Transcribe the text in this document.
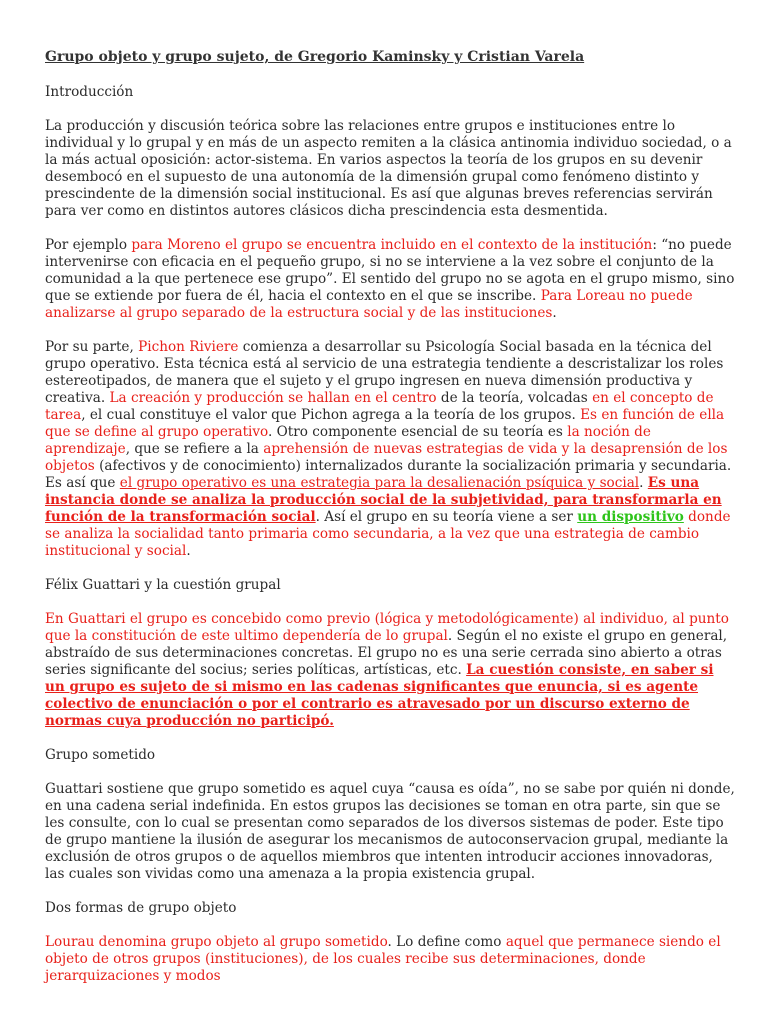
Grupo objeto y grupo sujeto, de Gregorio Kaminsky y Cristian Varela

Introducción

La producción y discusión teórica sobre las relaciones entre grupos e instituciones entre lo individual y lo grupal y en más de un aspecto remiten a la clásica antinomia individuo sociedad, o a la más actual oposición: actor-sistema. En varios aspectos la teoría de los grupos en su devenir desembocó en el supuesto de una autonomía de la dimensión grupal como fenómeno distinto y prescindente de la dimensión social institucional. Es así que algunas breves referencias servirán para ver como en distintos autores clásicos dicha prescindencia esta desmentida.

Por ejemplo para Moreno el grupo se encuentra incluido en el contexto de la institución: “no puede intervenirse con eficacia en el pequeño grupo, si no se interviene a la vez sobre el conjunto de la comunidad a la que pertenece ese grupo”. El sentido del grupo no se agota en el grupo mismo, sino que se extiende por fuera de él, hacia el contexto en el que se inscribe. Para Loreau no puede analizarse al grupo separado de la estructura social y de las instituciones.

Por su parte, Pichon Riviere comienza a desarrollar su Psicología Social basada en la técnica del grupo operativo. Esta técnica está al servicio de una estrategia tendiente a descristalizar los roles estereotipados, de manera que el sujeto y el grupo ingresen en nueva dimensión productiva y creativa. La creación y producción se hallan en el centro de la teoría, volcadas en el concepto de tarea, el cual constituye el valor que Pichon agrega a la teoría de los grupos. Es en función de ella que se define al grupo operativo. Otro componente esencial de su teoría es la noción de aprendizaje, que se refiere a la aprehensión de nuevas estrategias de vida y la desaprensión de los objetos (afectivos y de conocimiento) internalizados durante la socialización primaria y secundaria. Es así que el grupo operativo es una estrategia para la desalienación psíquica y social. Es una instancia donde se analiza la producción social de la subjetividad, para transformarla en función de la transformación social. Así el grupo en su teoría viene a ser un dispositivo donde se analiza la socialidad tanto primaria como secundaria, a la vez que una estrategia de cambio institucional y social.

Félix Guattari y la cuestión grupal

En Guattari el grupo es concebido como previo (lógica y metodológicamente) al individuo, al punto que la constitución de este ultimo dependería de lo grupal. Según el no existe el grupo en general, abstraído de sus determinaciones concretas. El grupo no es una serie cerrada sino abierto a otras series significante del socius; series políticas, artísticas, etc. La cuestión consiste, en saber si un grupo es sujeto de si mismo en las cadenas significantes que enuncia, si es agente colectivo de enunciación o por el contrario es atravesado por un discurso externo de normas cuya producción no participó.

Grupo sometido

Guattari sostiene que grupo sometido es aquel cuya “causa es oída”, no se sabe por quién ni donde, en una cadena serial indefinida. En estos grupos las decisiones se toman en otra parte, sin que se les consulte, con lo cual se presentan como separados de los diversos sistemas de poder. Este tipo de grupo mantiene la ilusión de asegurar los mecanismos de autoconservacion grupal, mediante la exclusión de otros grupos o de aquellos miembros que intenten introducir acciones innovadoras, las cuales son vividas como una amenaza a la propia existencia grupal.

Dos formas de grupo objeto

Lourau denomina grupo objeto al grupo sometido. Lo define como aquel que permanece siendo el objeto de otros grupos (instituciones), de los cuales recibe sus determinaciones, donde jerarquizaciones y modos
